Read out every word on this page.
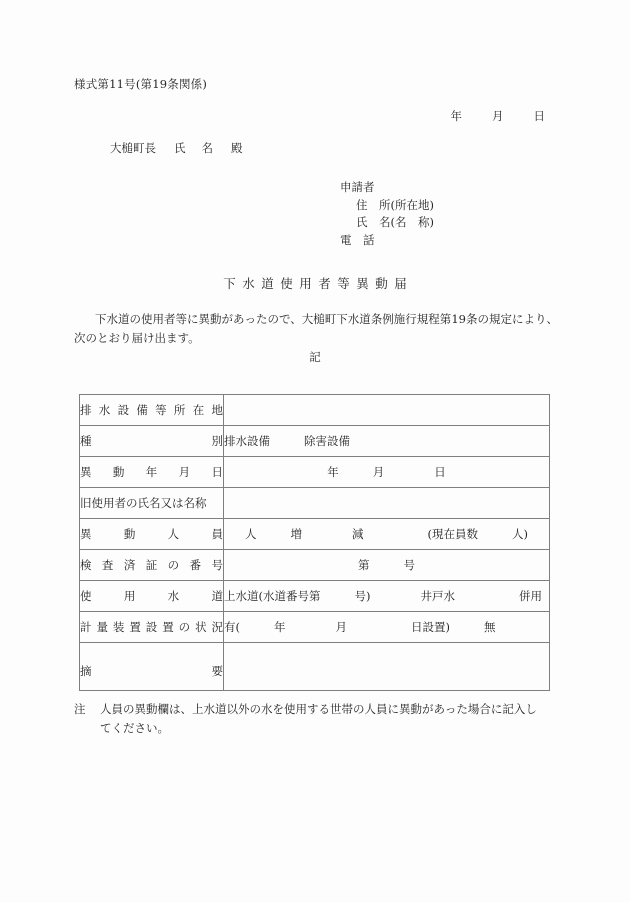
様式第11号(第19条関係)
年	月	日
大槌町長 氏 名 殿
申請者
住　所(所在地)
氏　名(名　称)
電　話
下水道使用者等異動届
下水道の使用者等に異動があったので、大槌町下水道条例施行規程第19条の規定により、次のとおり届け出ます。
記
排 水 設 備 等 所 在 地

種 別	排水設備 除害設備

異 動 年 月 日	年 月 日

旧使用者の氏名又は名称	

異 動 人 員	人 増 減 (現在員数 人)

検 査 済 証 の 番 号	第	号

使 用 水 道	上水道(水道番号第 号) 井戸水 併用

計 量 装 置 設 置 の 状 況	有(	年	月	日設置)	無

摘 要	

注 人員の異動欄は、上水道以外の水を使用する世帯の人員に異動があった場合に記入し
てください。
